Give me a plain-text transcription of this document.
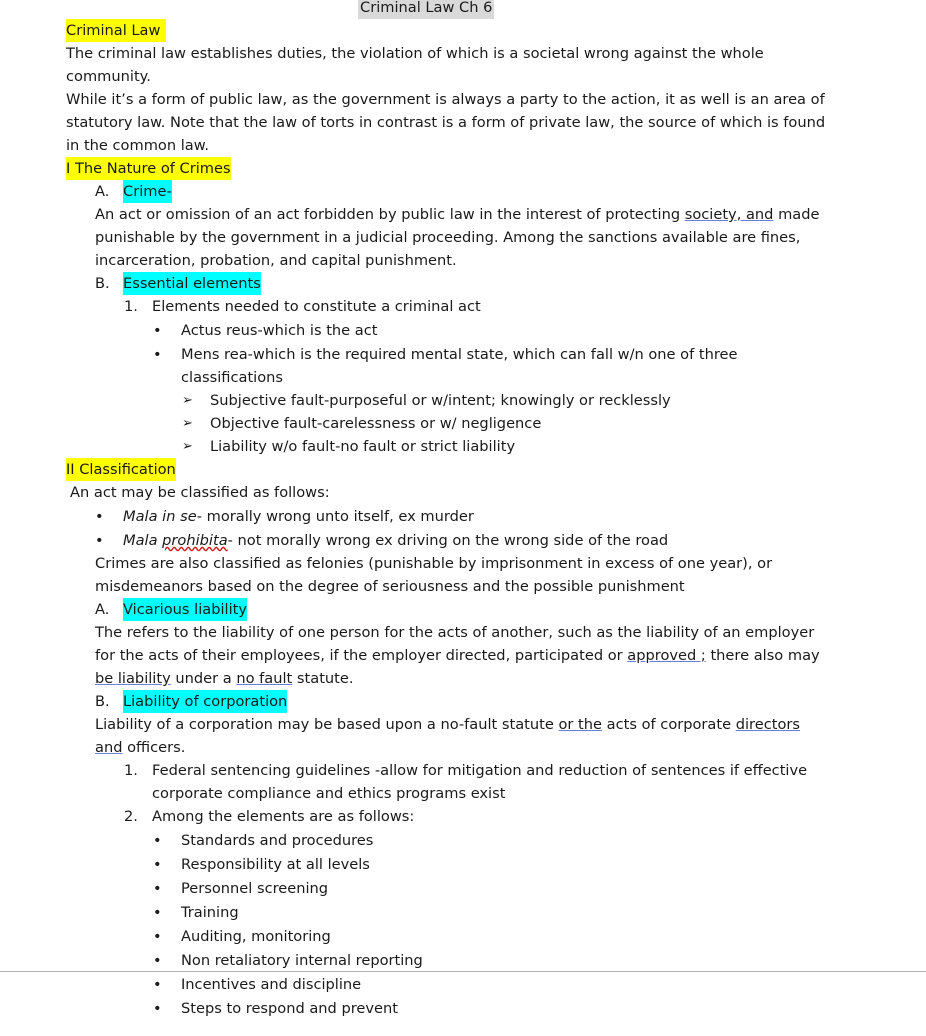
Criminal Law Ch 6
Criminal Law
The criminal law establishes duties, the violation of which is a societal wrong against the whole
community.
While it’s a form of public law, as the government is always a party to the action, it as well is an area of
statutory law. Note that the law of torts in contrast is a form of private law, the source of which is found
in the common law.
I The Nature of Crimes
A. Crime-
An act or omission of an act forbidden by public law in the interest of protecting society, and made
punishable by the government in a judicial proceeding. Among the sanctions available are fines,
incarceration, probation, and capital punishment.
B. Essential elements
1. Elements needed to constitute a criminal act
• Actus reus-which is the act
• Mens rea-which is the required mental state, which can fall w/n one of three
classifications
➢ Subjective fault-purposeful or w/intent; knowingly or recklessly
➢ Objective fault-carelessness or w/ negligence
➢ Liability w/o fault-no fault or strict liability
II Classification
An act may be classified as follows:
• Mala in se- morally wrong unto itself, ex murder
• Mala prohibita- not morally wrong ex driving on the wrong side of the road
Crimes are also classified as felonies (punishable by imprisonment in excess of one year), or
misdemeanors based on the degree of seriousness and the possible punishment
A. Vicarious liability
The refers to the liability of one person for the acts of another, such as the liability of an employer
for the acts of their employees, if the employer directed, participated or approved ; there also may
be liability under a no fault statute.
B. Liability of corporation
Liability of a corporation may be based upon a no-fault statute or the acts of corporate directors
and officers.
1. Federal sentencing guidelines -allow for mitigation and reduction of sentences if effective
corporate compliance and ethics programs exist
2. Among the elements are as follows:
• Standards and procedures
• Responsibility at all levels
• Personnel screening
• Training
• Auditing, monitoring
• Non retaliatory internal reporting
• Incentives and discipline
• Steps to respond and prevent
